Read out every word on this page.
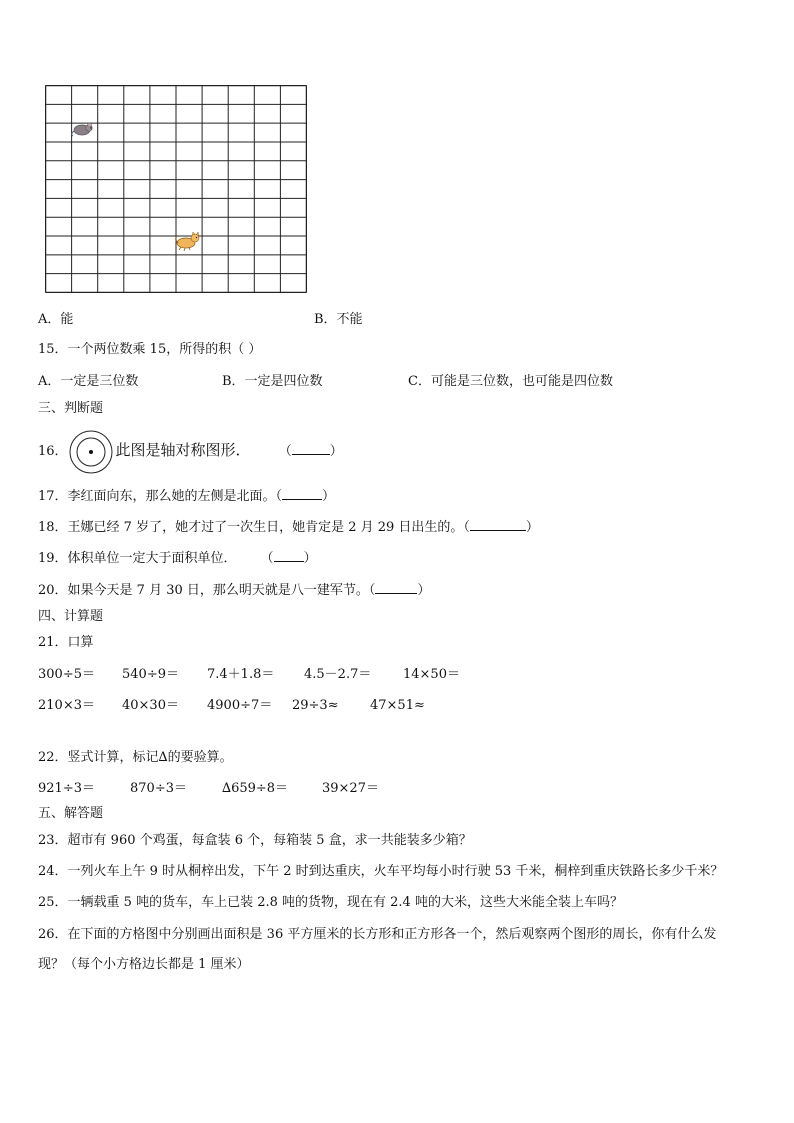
A．能	B．不能
15．一个两位数乘 15，所得的积（ ）
A．一定是三位数	B．一定是四位数	C．可能是三位数，也可能是四位数
三、判断题
16．	此图是轴对称图形． （	）
17．李红面向东，那么她的左侧是北面。（	）
18．王娜已经 7 岁了，她才过了一次生日，她肯定是 2 月 29 日出生的。（	）
19．体积单位一定大于面积单位． （ ）
20．如果今天是 7 月 30 日，那么明天就是八一建军节。（	）
四、计算题
21．口算
300÷5＝ 540÷9＝ 7.4＋1.8＝ 4.5－2.7＝ 14×50＝
210×3＝ 40×30＝ 4900÷7＝ 29÷3≈ 47×51≈
22．竖式计算，标记∆的要验算。
921÷3＝	870÷3＝	∆659÷8＝	39×27＝
五、解答题
23．超市有 960 个鸡蛋，每盒装 6 个，每箱装 5 盒，求一共能装多少箱？
24．一列火车上午 9 时从桐梓出发，下午 2 时到达重庆，火车平均每小时行驶 53 千米，桐梓到重庆铁路长多少千米？
25．一辆载重 5 吨的货车，车上已装 2.8 吨的货物，现在有 2.4 吨的大米，这些大米能全装上车吗？
26．在下面的方格图中分别画出面积是 36 平方厘米的长方形和正方形各一个，然后观察两个图形的周长，你有什么发
现？（每个小方格边长都是 1 厘米）
